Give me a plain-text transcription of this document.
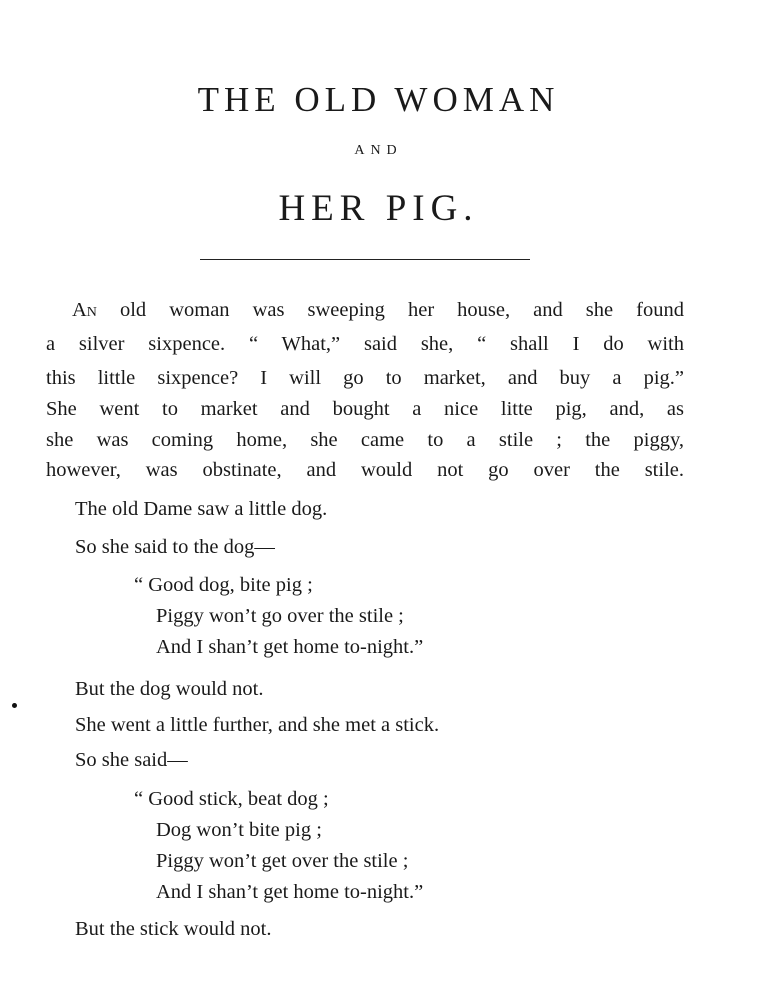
THE OLD WOMAN
AND
HER PIG.
An old woman was sweeping her house, and she found
a silver sixpence. “ What,” said she, “ shall I do with
this little sixpence? I will go to market, and buy a pig.”
She went to market and bought a nice litte pig, and, as
she was coming home, she came to a stile ; the piggy,
however, was obstinate, and would not go over the stile.
The old Dame saw a little dog.
So she said to the dog—
“ Good dog, bite pig ;
Piggy won’t go over the stile ;
And I shan’t get home to-night.”
But the dog would not.
She went a little further, and she met a stick.
So she said—
“ Good stick, beat dog ;
Dog won’t bite pig ;
Piggy won’t get over the stile ;
And I shan’t get home to-night.”
But the stick would not.
